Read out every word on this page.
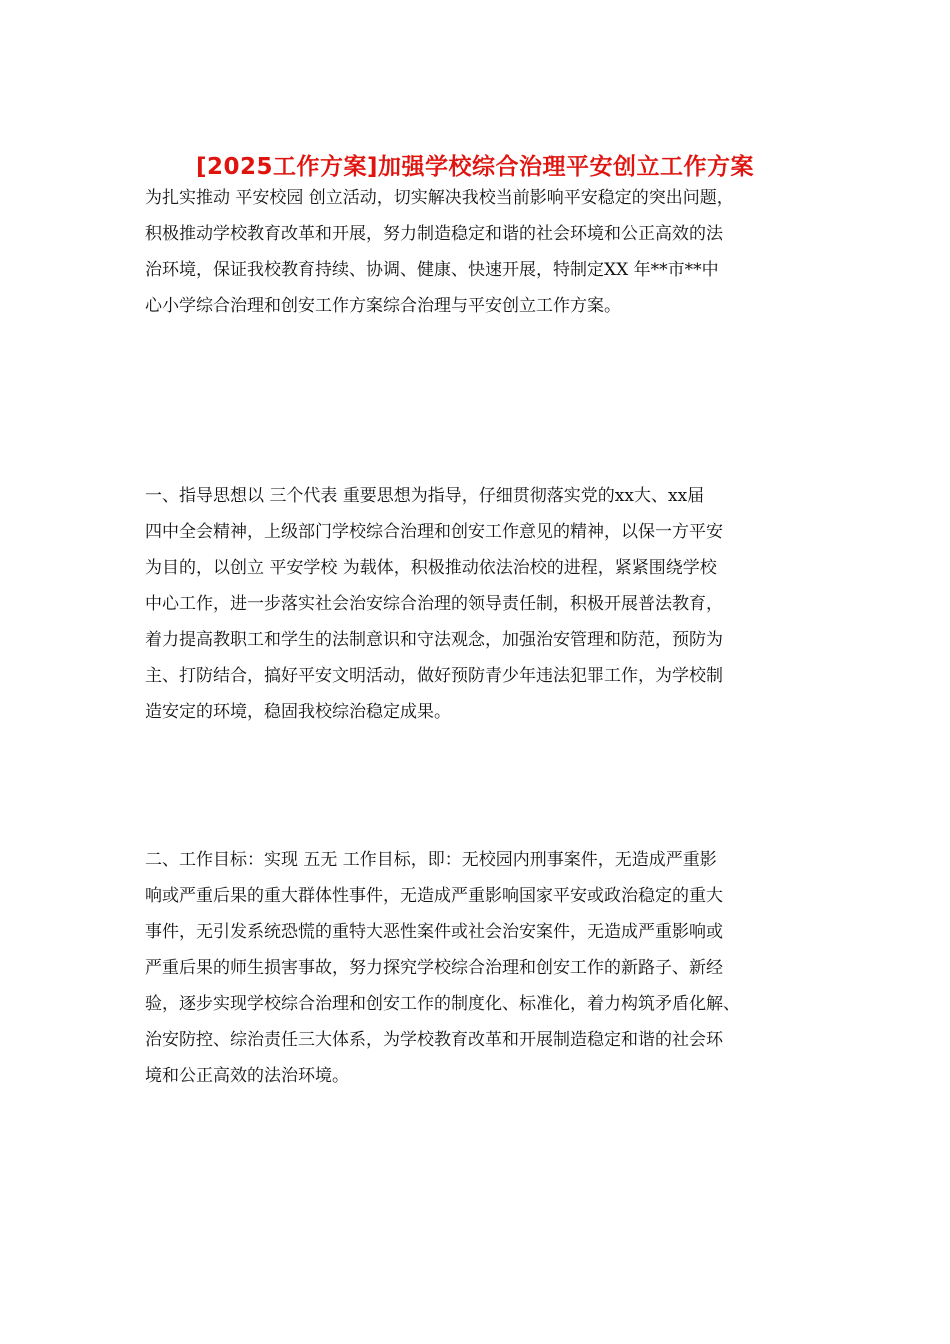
[2025工作方案]加强学校综合治理平安创立工作方案
为扎实推动 平安校园 创立活动，切实解决我校当前影响平安稳定的突出问题，
积极推动学校教育改革和开展，努力制造稳定和谐的社会环境和公正高效的法
治环境，保证我校教育持续、协调、健康、快速开展，特制定XX 年**市**中
心小学综合治理和创安工作方案综合治理与平安创立工作方案。
一、指导思想以 三个代表 重要思想为指导，仔细贯彻落实党的xx大、xx届
四中全会精神，上级部门学校综合治理和创安工作意见的精神，以保一方平安
为目的，以创立 平安学校 为载体，积极推动依法治校的进程，紧紧围绕学校
中心工作，进一步落实社会治安综合治理的领导责任制，积极开展普法教育，
着力提高教职工和学生的法制意识和守法观念，加强治安管理和防范，预防为
主、打防结合，搞好平安文明活动，做好预防青少年违法犯罪工作，为学校制
造安定的环境，稳固我校综治稳定成果。
二、工作目标：实现 五无 工作目标，即：无校园内刑事案件，无造成严重影
响或严重后果的重大群体性事件，无造成严重影响国家平安或政治稳定的重大
事件，无引发系统恐慌的重特大恶性案件或社会治安案件，无造成严重影响或
严重后果的师生损害事故，努力探究学校综合治理和创安工作的新路子、新经
验，逐步实现学校综合治理和创安工作的制度化、标准化，着力构筑矛盾化解、
治安防控、综治责任三大体系，为学校教育改革和开展制造稳定和谐的社会环
境和公正高效的法治环境。
